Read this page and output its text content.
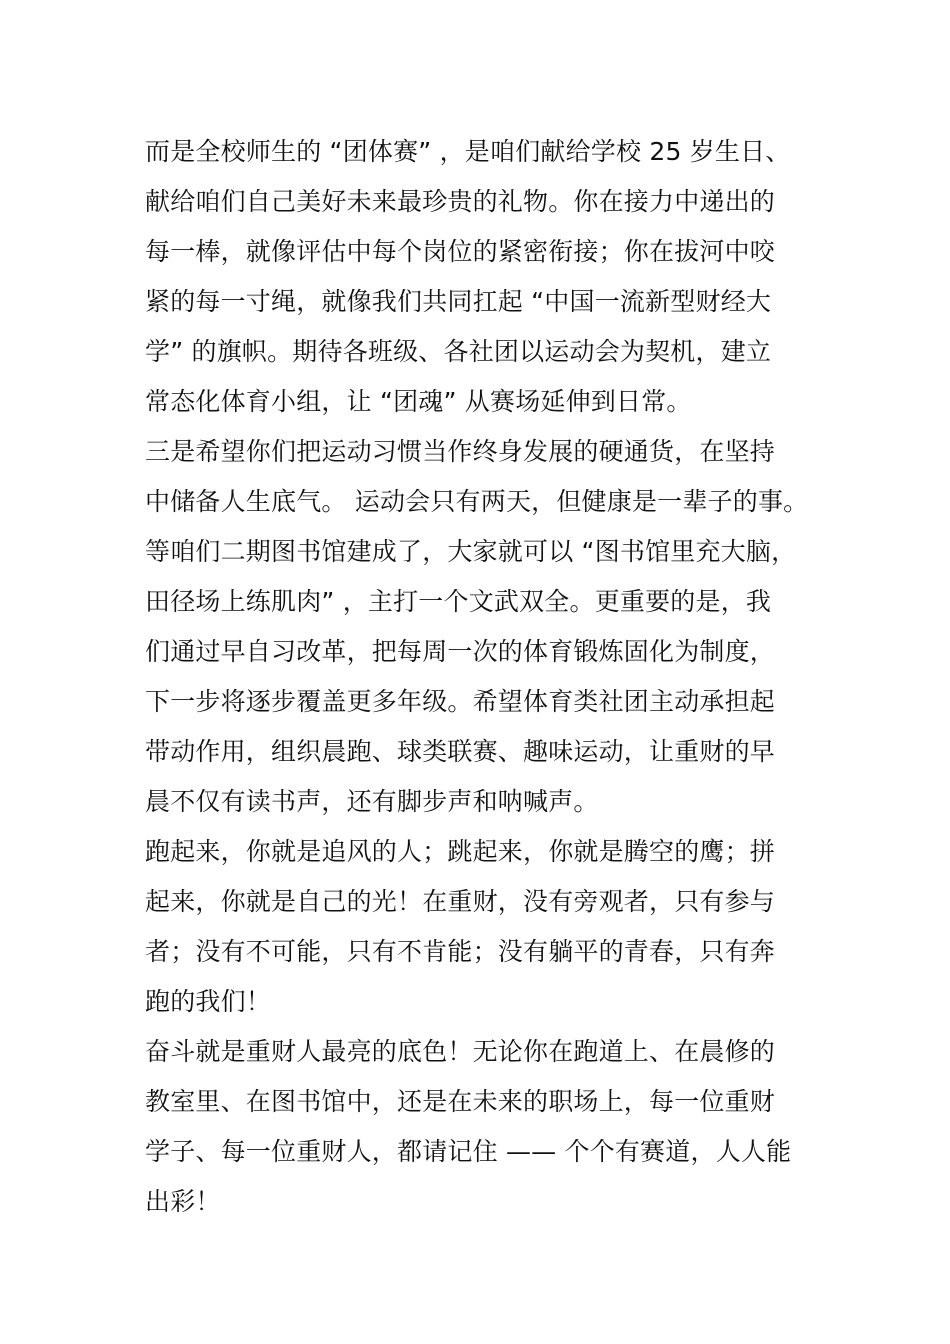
而是全校师生的 “团体赛” ，是咱们献给学校 25 岁生日、
献给咱们自己美好未来最珍贵的礼物。你在接力中递出的
每一棒，就像评估中每个岗位的紧密衔接；你在拔河中咬
紧的每一寸绳，就像我们共同扛起 “中国一流新型财经大
学” 的旗帜。期待各班级、各社团以运动会为契机，建立
常态化体育小组，让 “团魂” 从赛场延伸到日常。
三是希望你们把运动习惯当作终身发展的硬通货，在坚持
中储备人生底气。 运动会只有两天，但健康是一辈子的事。
等咱们二期图书馆建成了，大家就可以 “图书馆里充大脑，
田径场上练肌肉” ，主打一个文武双全。更重要的是，我
们通过早自习改革，把每周一次的体育锻炼固化为制度，
下一步将逐步覆盖更多年级。希望体育类社团主动承担起
带动作用，组织晨跑、球类联赛、趣味运动，让重财的早
晨不仅有读书声，还有脚步声和呐喊声。
跑起来，你就是追风的人；跳起来，你就是腾空的鹰；拼
起来，你就是自己的光！在重财，没有旁观者，只有参与
者；没有不可能，只有不肯能；没有躺平的青春，只有奔
跑的我们！
奋斗就是重财人最亮的底色！无论你在跑道上、在晨修的
教室里、在图书馆中，还是在未来的职场上，每一位重财
学子、每一位重财人，都请记住 —— 个个有赛道，人人能
出彩！
